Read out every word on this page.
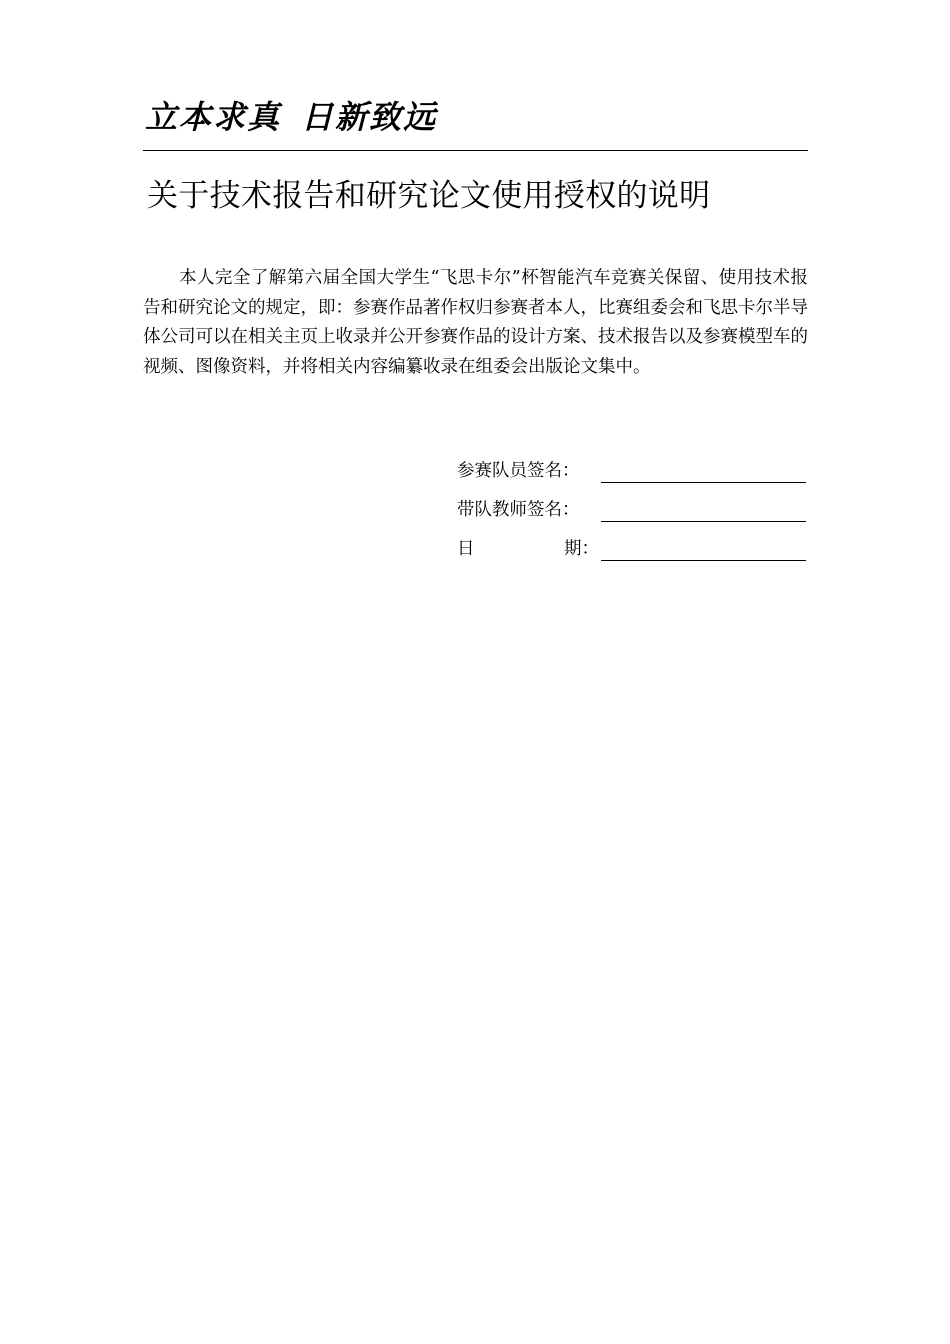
立本求真 日新致远
关于技术报告和研究论文使用授权的说明

本人完全了解第六届全国大学生“飞思卡尔”杯智能汽车竞赛关保留、使用技术报告和研究论文的规定，即：参赛作品著作权归参赛者本人，比赛组委会和飞思卡尔半导体公司可以在相关主页上收录并公开参赛作品的设计方案、技术报告以及参赛模型车的视频、图像资料，并将相关内容编纂收录在组委会出版论文集中。

参赛队员签名：
带队教师签名：
日	期：
